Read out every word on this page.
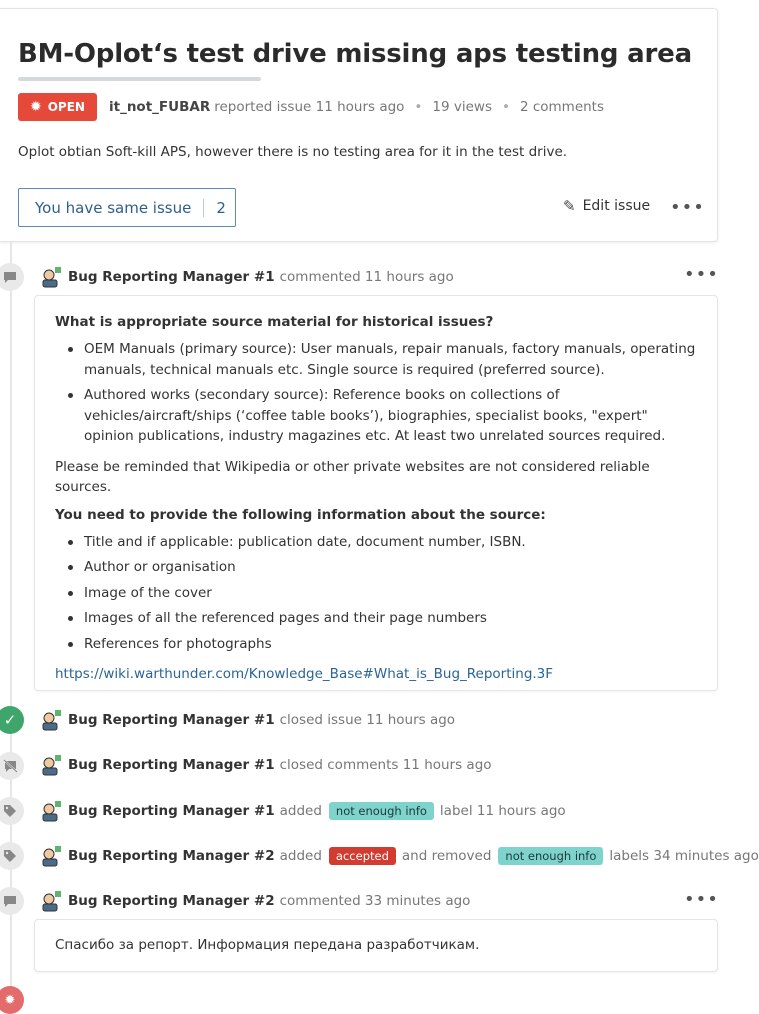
BM-Oplot‘s test drive missing aps testing area
✹ OPEN it_not_FUBAR reported issue 11 hours ago • 19 views • 2 comments
Oplot obtian Soft-kill APS, however there is no testing area for it in the test drive.
You have same issue	2	✎ Edit issue •••
Bug Reporting Manager #1 commented 11 hours ago	•••
What is appropriate source material for historical issues?
OEM Manuals (primary source): User manuals, repair manuals, factory manuals, operating manuals, technical manuals etc. Single source is required (preferred source).
Authored works (secondary source): Reference books on collections of vehicles/aircraft/ships (‘coffee table books’), biographies, specialist books, "expert" opinion publications, industry magazines etc. At least two unrelated sources required.

Please be reminded that Wikipedia or other private websites are not considered reliable sources.

You need to provide the following information about the source:
Title and if applicable: publication date, document number, ISBN.
Author or organisation
Image of the cover
Images of all the referenced pages and their page numbers
References for photographs

https://wiki.warthunder.com/Knowledge_Base#What_is_Bug_Reporting.3F

✓	Bug Reporting Manager #1 closed issue 11 hours ago
Bug Reporting Manager #1 closed comments 11 hours ago
Bug Reporting Manager #1 added	not enough info label 11 hours ago
Bug Reporting Manager #2 added	accepted and removed	not enough info labels 34 minutes ago
Bug Reporting Manager #2 commented 33 minutes ago	•••
Спасибо за репорт. Информация передана разработчикам.
✹
